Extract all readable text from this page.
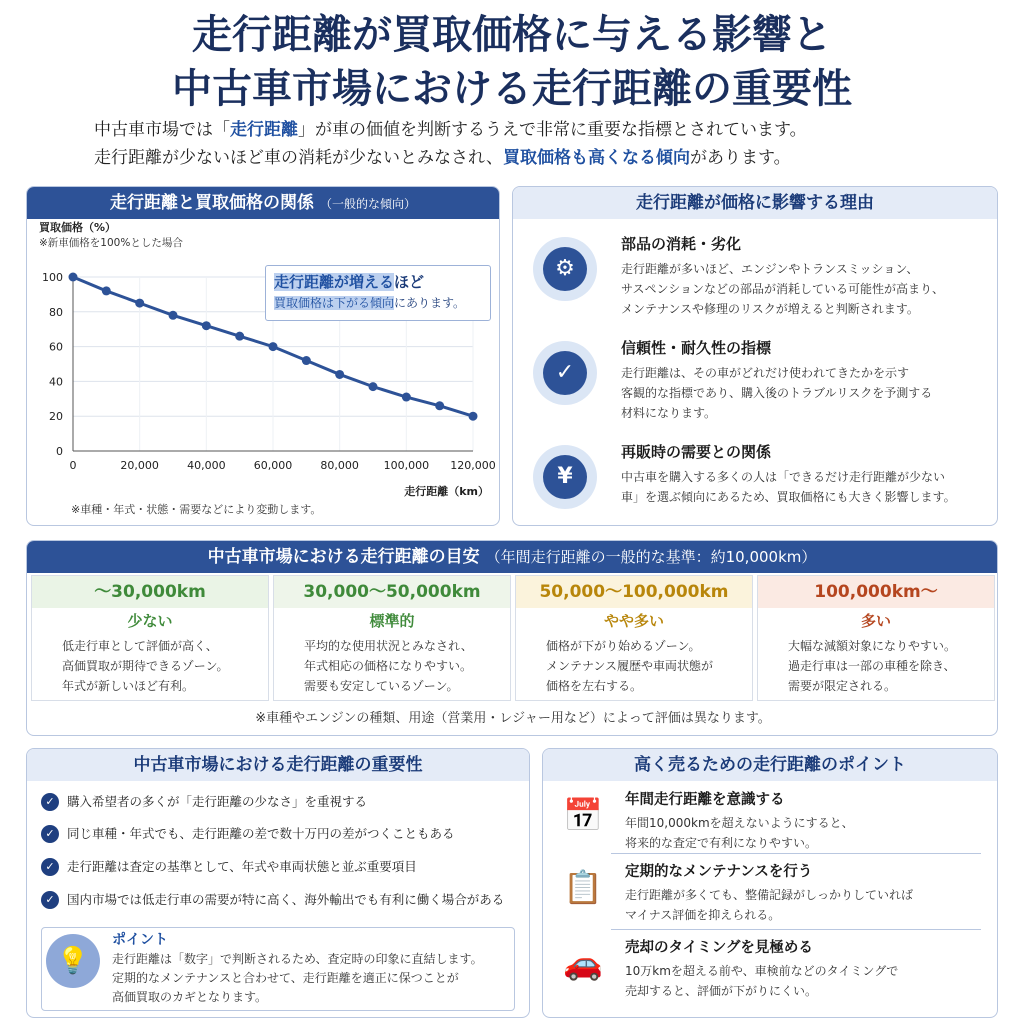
走行距離が買取価格に与える影響と
中古車市場における走行距離の重要性
中古車市場では「走行距離」が車の価値を判断するうえで非常に重要な指標とされています。
走行距離が少ないほど車の消耗が少ないとみなされ、買取価格も高くなる傾向があります。
走行距離と買取価格の関係 （一般的な傾向）
買取価格（%）
※新車価格を100%とした場合
0
20
40
60
80
100
0	20,000	40,000	60,000	80,000 100,000 120,000
走行距離（km）
※車種・年式・状態・需要などにより変動します。
走行距離が増えるほど
買取価格は下がる傾向にあります。
走行距離が価格に影響する理由
⚙
部品の消耗・劣化
走行距離が多いほど、エンジンやトランスミッション、
サスペンションなどの部品が消耗している可能性が高まり、
メンテナンスや修理のリスクが増えると判断されます。
✓
信頼性・耐久性の指標
走行距離は、その車がどれだけ使われてきたかを示す
客観的な指標であり、購入後のトラブルリスクを予測する
材料になります。
¥
再販時の需要との関係
中古車を購入する多くの人は「できるだけ走行距離が少ない
車」を選ぶ傾向にあるため、買取価格にも大きく影響します。
中古車市場における走行距離の目安 （年間走行距離の一般的な基準：約10,000km）
〜30,000km
少ない
低走行車として評価が高く、
高価買取が期待できるゾーン。
年式が新しいほど有利。
30,000〜50,000km
標準的
平均的な使用状況とみなされ、
年式相応の価格になりやすい。
需要も安定しているゾーン。
50,000〜100,000km
やや多い
価格が下がり始めるゾーン。
メンテナンス履歴や車両状態が
価格を左右する。
100,000km〜
多い
大幅な減額対象になりやすい。
過走行車は一部の車種を除き、
需要が限定される。
※車種やエンジンの種類、用途（営業用・レジャー用など）によって評価は異なります。
中古車市場における走行距離の重要性
✓ 購入希望者の多くが「走行距離の少なさ」を重視する
✓ 同じ車種・年式でも、走行距離の差で数十万円の差がつくこともある
✓ 走行距離は査定の基準として、年式や車両状態と並ぶ重要項目
✓ 国内市場では低走行車の需要が特に高く、海外輸出でも有利に働く場合がある
💡
ポイント
走行距離は「数字」で判断されるため、査定時の印象に直結します。
定期的なメンテナンスと合わせて、走行距離を適正に保つことが
高価買取のカギとなります。
高く売るための走行距離のポイント
📅 年間走行距離を意識する
年間10,000kmを超えないようにすると、
将来的な査定で有利になりやすい。
📋 定期的なメンテナンスを行う
走行距離が多くても、整備記録がしっかりしていれば
マイナス評価を抑えられる。
🚗 売却のタイミングを見極める
10万kmを超える前や、車検前などのタイミングで
売却すると、評価が下がりにくい。
